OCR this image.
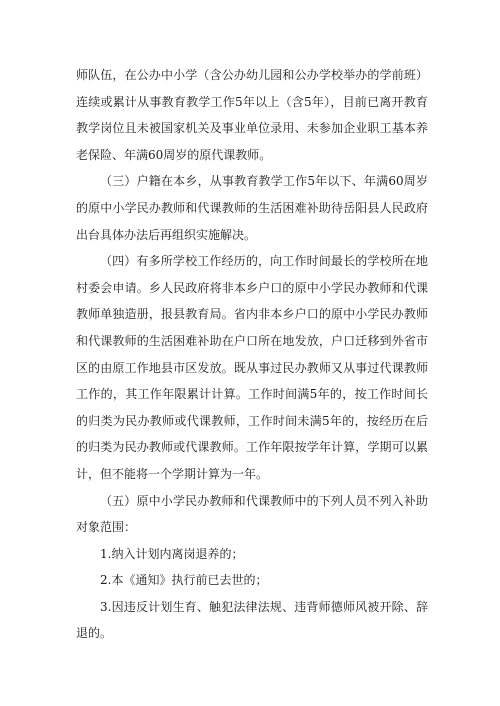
师队伍，在公办中小学（含公办幼儿园和公办学校举办的学前班）连续或累计从事教育教学工作5年以上（含5年），目前已离开教育教学岗位且未被国家机关及事业单位录用、未参加企业职工基本养老保险、年满60周岁的原代课教师。

（三）户籍在本乡，从事教育教学工作5年以下、年满60周岁的原中小学民办教师和代课教师的生活困难补助待岳阳县人民政府出台具体办法后再组织实施解决。

（四）有多所学校工作经历的，向工作时间最长的学校所在地村委会申请。乡人民政府将非本乡户口的原中小学民办教师和代课教师单独造册，报县教育局。省内非本乡户口的原中小学民办教师和代课教师的生活困难补助在户口所在地发放，户口迁移到外省市区的由原工作地县市区发放。既从事过民办教师又从事过代课教师工作的，其工作年限累计计算。工作时间满5年的，按工作时间长的归类为民办教师或代课教师，工作时间未满5年的，按经历在后的归类为民办教师或代课教师。工作年限按学年计算，学期可以累计，但不能将一个学期计算为一年。

（五）原中小学民办教师和代课教师中的下列人员不列入补助对象范围：

1.纳入计划内离岗退养的；

2.本《通知》执行前已去世的；

3.因违反计划生育、触犯法律法规、违背师德师风被开除、辞退的。
